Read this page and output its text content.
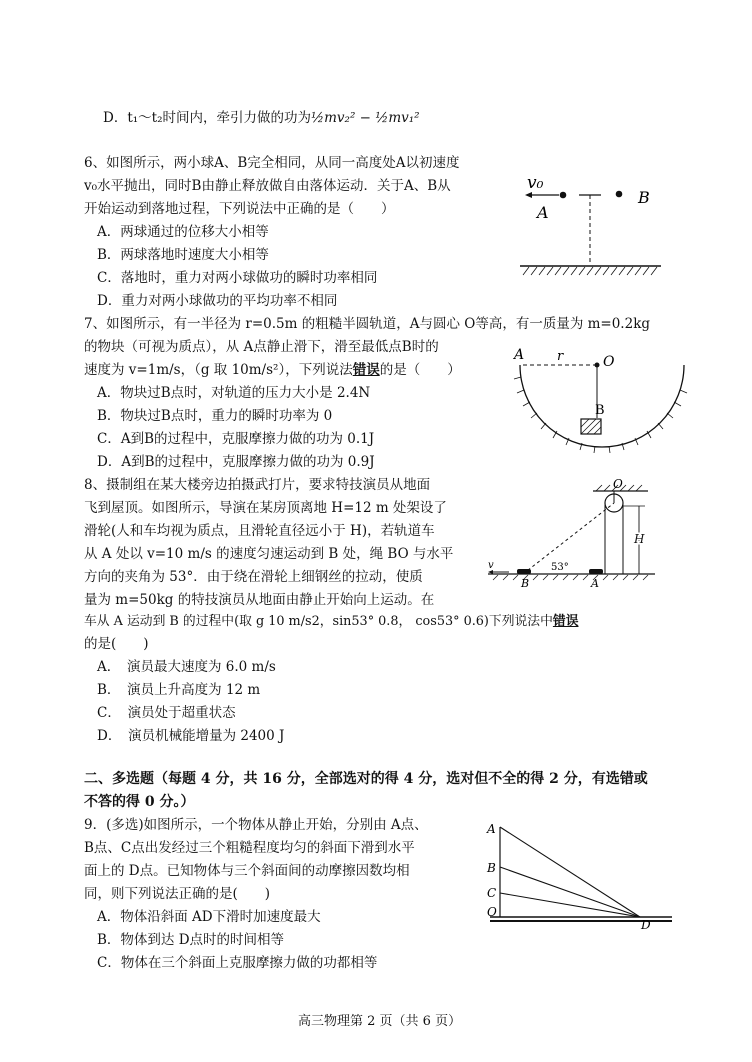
D．t₁～t₂时间内，牵引力做的功为½mv₂² − ½mv₁²
6、如图所示，两小球A、B完全相同，从同一高度处A以初速度
v₀水平抛出，同时B由静止释放做自由落体运动．关于A、B从
开始运动到落地过程，下列说法中正确的是（　　）
A．两球通过的位移大小相等
B．两球落地时速度大小相等
C．落地时，重力对两小球做功的瞬时功率相同
D．重力对两小球做功的平均功率不相同
v₀
A
B
7、如图所示，有一半径为 r=0.5m 的粗糙半圆轨道，A与圆心 O等高，有一质量为 m=0.2kg
的物块（可视为质点），从 A点静止滑下，滑至最低点B时的
速度为 v=1m/s，（g 取 10m/s²），下列说法错误的是（　　）
A．物块过B点时，对轨道的压力大小是 2.4N
B．物块过B点时，重力的瞬时功率为 0
C．A到B的过程中，克服摩擦力做的功为 0.1J
D．A到B的过程中，克服摩擦力做的功为 0.9J
A	r	O
B
8、摄制组在某大楼旁边拍摄武打片，要求特技演员从地面
飞到屋顶。如图所示，导演在某房顶离地 H=12 m 处架设了
滑轮(人和车均视为质点，且滑轮直径远小于 H)，若轨道车
从 A 处以 v=10 m/s 的速度匀速运动到 B 处，绳 BO 与水平
方向的夹角为 53°．由于绕在滑轮上细钢丝的拉动，使质
量为 m=50kg 的特技演员从地面由静止开始向上运动。在
车从 A 运动到 B 的过程中(取 g 10 m/s2，sin53° 0.8， cos53° 0.6)下列说法中错误
的是(　　)
A．　演员最大速度为 6.0 m/s
B．　演员上升高度为 12 m
C．　演员处于超重状态
D．　演员机械能增量为 2400 J
O
H
v	53°
B	A
二、多选题（每题 4 分，共 16 分，全部选对的得 4 分，选对但不全的得 2 分，有选错或
不答的得 0 分。）
9．(多选)如图所示，一个物体从静止开始，分别由 A点、
B点、C点出发经过三个粗糙程度均匀的斜面下滑到水平
面上的 D点。已知物体与三个斜面间的动摩擦因数均相
同，则下列说法正确的是(　　)
A．物体沿斜面 AD下滑时加速度最大
B．物体到达 D点时的时间相等
C．物体在三个斜面上克服摩擦力做的功都相等
A
B
C
O
D
高三物理第 2 页（共 6 页）
